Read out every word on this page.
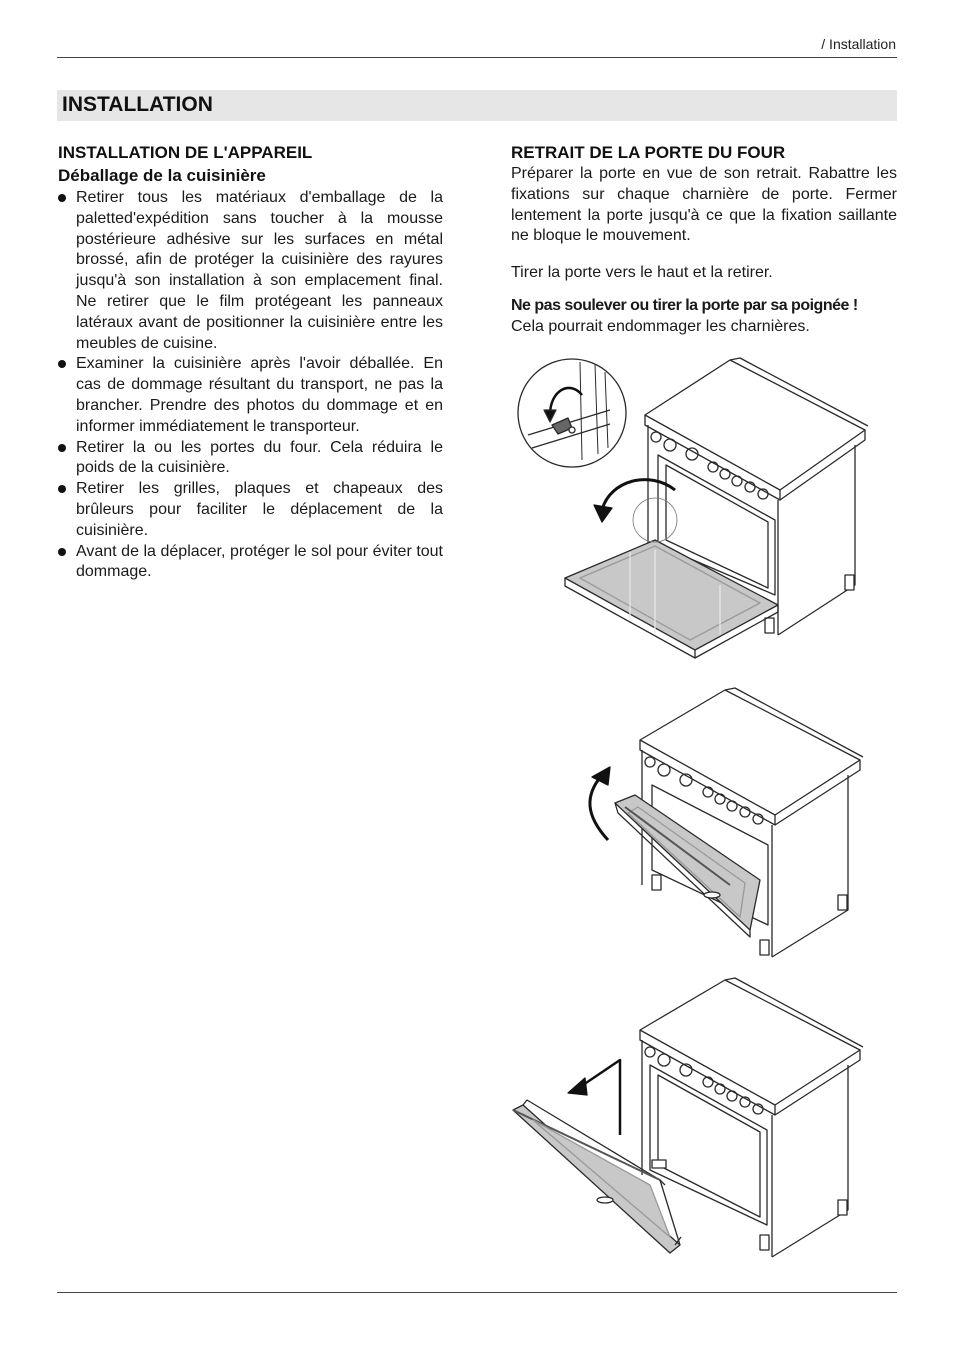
/ Installation
INSTALLATION
INSTALLATION DE L'APPAREIL
Déballage de la cuisinière
Retirer tous les matériaux d'emballage de la paletted'expédition sans toucher à la mousse postérieure adhésive sur les surfaces en métal brossé, afin de protéger la cuisinière des rayures jusqu'à son installation à son emplacement final. Ne retirer que le film protégeant les panneaux latéraux avant de positionner la cuisinière entre les meubles de cuisine.
Examiner la cuisinière après l'avoir déballée. En cas de dommage résultant du transport, ne pas la brancher. Prendre des photos du dommage et en informer immédiatement le transporteur.
Retirer la ou les portes du four. Cela réduira le poids de la cuisinière.
Retirer les grilles, plaques et chapeaux des brûleurs pour faciliter le déplacement de la cuisinière.
Avant de la déplacer, protéger le sol pour éviter tout dommage.
RETRAIT DE LA PORTE DU FOUR

Préparer la porte en vue de son retrait. Rabattre les fixations sur chaque charnière de porte. Fermer lentement la porte jusqu'à ce que la fixation saillante ne bloque le mouvement.

Tirer la porte vers le haut et la retirer.

Ne pas soulever ou tirer la porte par sa poignée !
Cela pourrait endommager les charnières.
